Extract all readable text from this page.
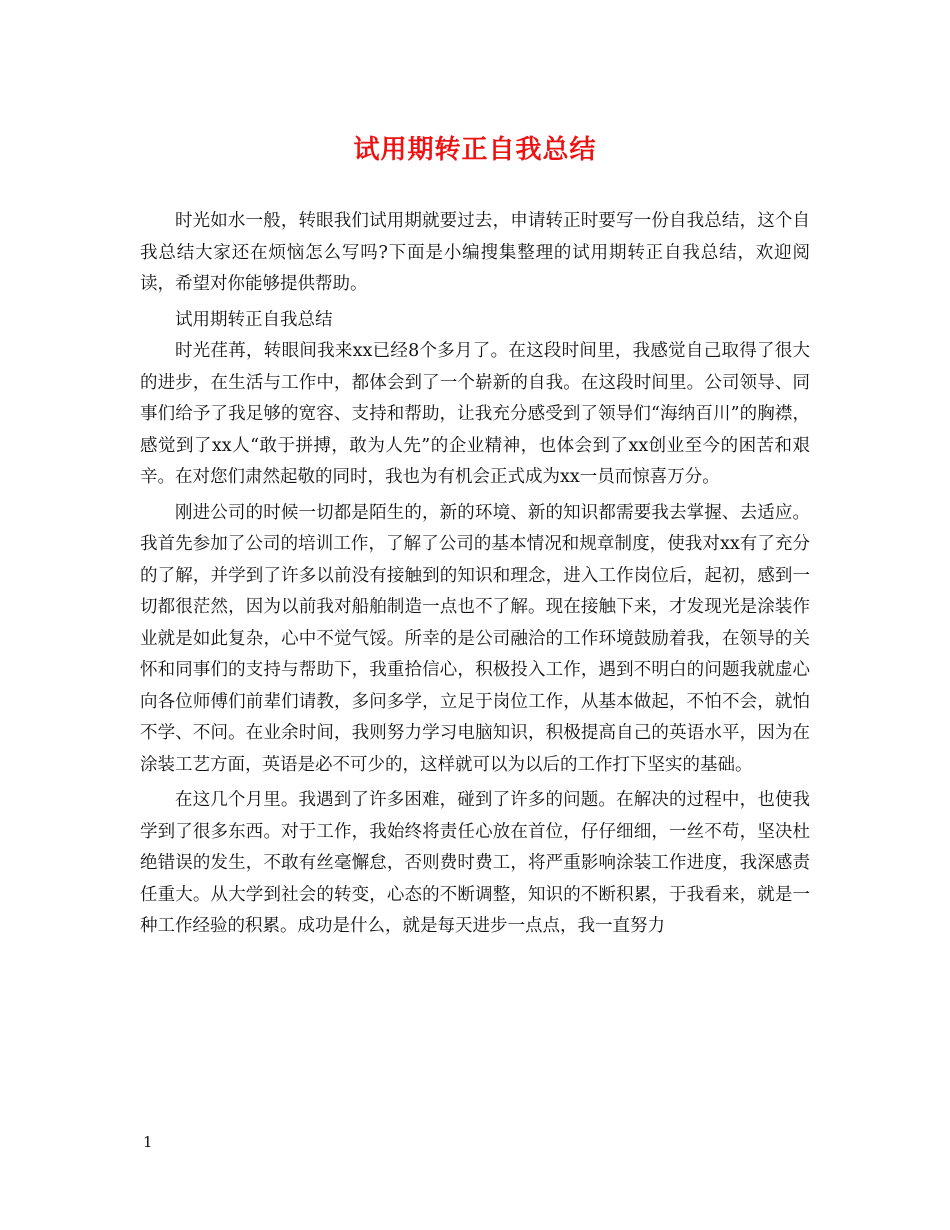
试用期转正自我总结

时光如水一般，转眼我们试用期就要过去，申请转正时要写一份自我总结，这个自我总结大家还在烦恼怎么写吗?下面是小编搜集整理的试用期转正自我总结，欢迎阅读，希望对你能够提供帮助。

试用期转正自我总结

时光荏苒，转眼间我来xx已经8个多月了。在这段时间里，我感觉自己取得了很大的进步，在生活与工作中，都体会到了一个崭新的自我。在这段时间里。公司领导、同事们给予了我足够的宽容、支持和帮助，让我充分感受到了领导们“海纳百川”的胸襟，感觉到了xx人“敢于拼搏，敢为人先”的企业精神，也体会到了xx创业至今的困苦和艰辛。在对您们肃然起敬的同时，我也为有机会正式成为xx一员而惊喜万分。

刚进公司的时候一切都是陌生的，新的环境、新的知识都需要我去掌握、去适应。我首先参加了公司的培训工作，了解了公司的基本情况和规章制度，使我对xx有了充分的了解，并学到了许多以前没有接触到的知识和理念，进入工作岗位后，起初，感到一切都很茫然，因为以前我对船舶制造一点也不了解。现在接触下来，才发现光是涂装作业就是如此复杂，心中不觉气馁。所幸的是公司融洽的工作环境鼓励着我，在领导的关怀和同事们的支持与帮助下，我重拾信心，积极投入工作，遇到不明白的问题我就虚心向各位师傅们前辈们请教，多问多学，立足于岗位工作，从基本做起，不怕不会，就怕不学、不问。在业余时间，我则努力学习电脑知识，积极提高自己的英语水平，因为在涂装工艺方面，英语是必不可少的，这样就可以为以后的工作打下坚实的基础。

在这几个月里。我遇到了许多困难，碰到了许多的问题。在解决的过程中，也使我学到了很多东西。对于工作，我始终将责任心放在首位，仔仔细细，一丝不苟，坚决杜绝错误的发生，不敢有丝毫懈怠，否则费时费工，将严重影响涂装工作进度，我深感责任重大。从大学到社会的转变，心态的不断调整，知识的不断积累，于我看来，就是一种工作经验的积累。成功是什么，就是每天进步一点点，我一直努力

1
